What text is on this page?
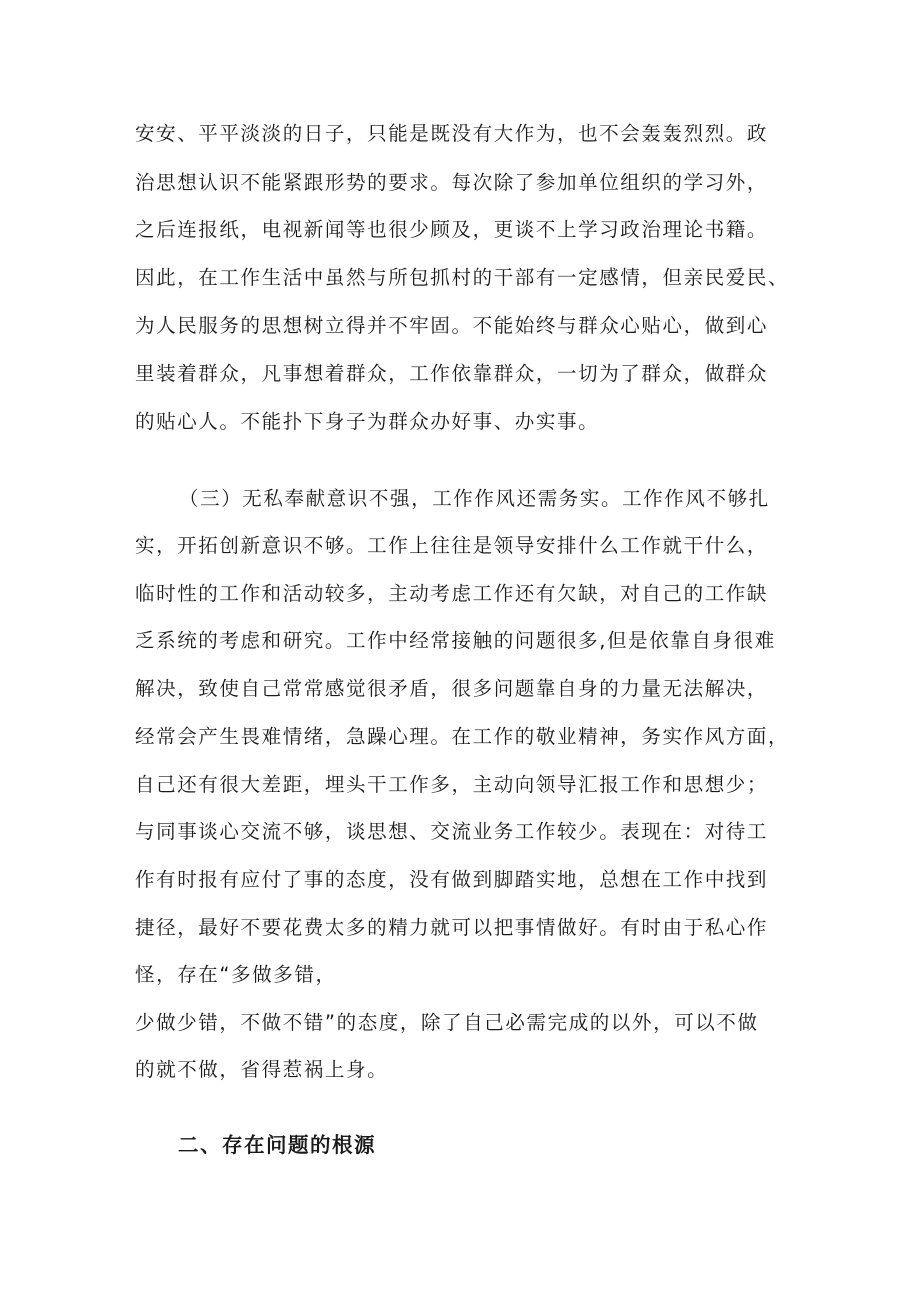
安安、平平淡淡的日子，只能是既没有大作为，也不会轰轰烈烈。政
治思想认识不能紧跟形势的要求。每次除了参加单位组织的学习外，
之后连报纸，电视新闻等也很少顾及，更谈不上学习政治理论书籍。
因此，在工作生活中虽然与所包抓村的干部有一定感情，但亲民爱民、
为人民服务的思想树立得并不牢固。不能始终与群众心贴心，做到心
里装着群众，凡事想着群众，工作依靠群众，一切为了群众，做群众
的贴心人。不能扑下身子为群众办好事、办实事。
（三）无私奉献意识不强，工作作风还需务实。工作作风不够扎
实，开拓创新意识不够。工作上往往是领导安排什么工作就干什么，
临时性的工作和活动较多，主动考虑工作还有欠缺，对自己的工作缺
乏系统的考虑和研究。工作中经常接触的问题很多,但是依靠自身很难
解决，致使自己常常感觉很矛盾，很多问题靠自身的力量无法解决，
经常会产生畏难情绪，急躁心理。在工作的敬业精神，务实作风方面，
自己还有很大差距，埋头干工作多，主动向领导汇报工作和思想少；
与同事谈心交流不够，谈思想、交流业务工作较少。表现在：对待工
作有时报有应付了事的态度，没有做到脚踏实地，总想在工作中找到
捷径，最好不要花费太多的精力就可以把事情做好。有时由于私心作
怪，存在“多做多错，
少做少错，不做不错”的态度，除了自己必需完成的以外，可以不做
的就不做，省得惹祸上身。
二、存在问题的根源
